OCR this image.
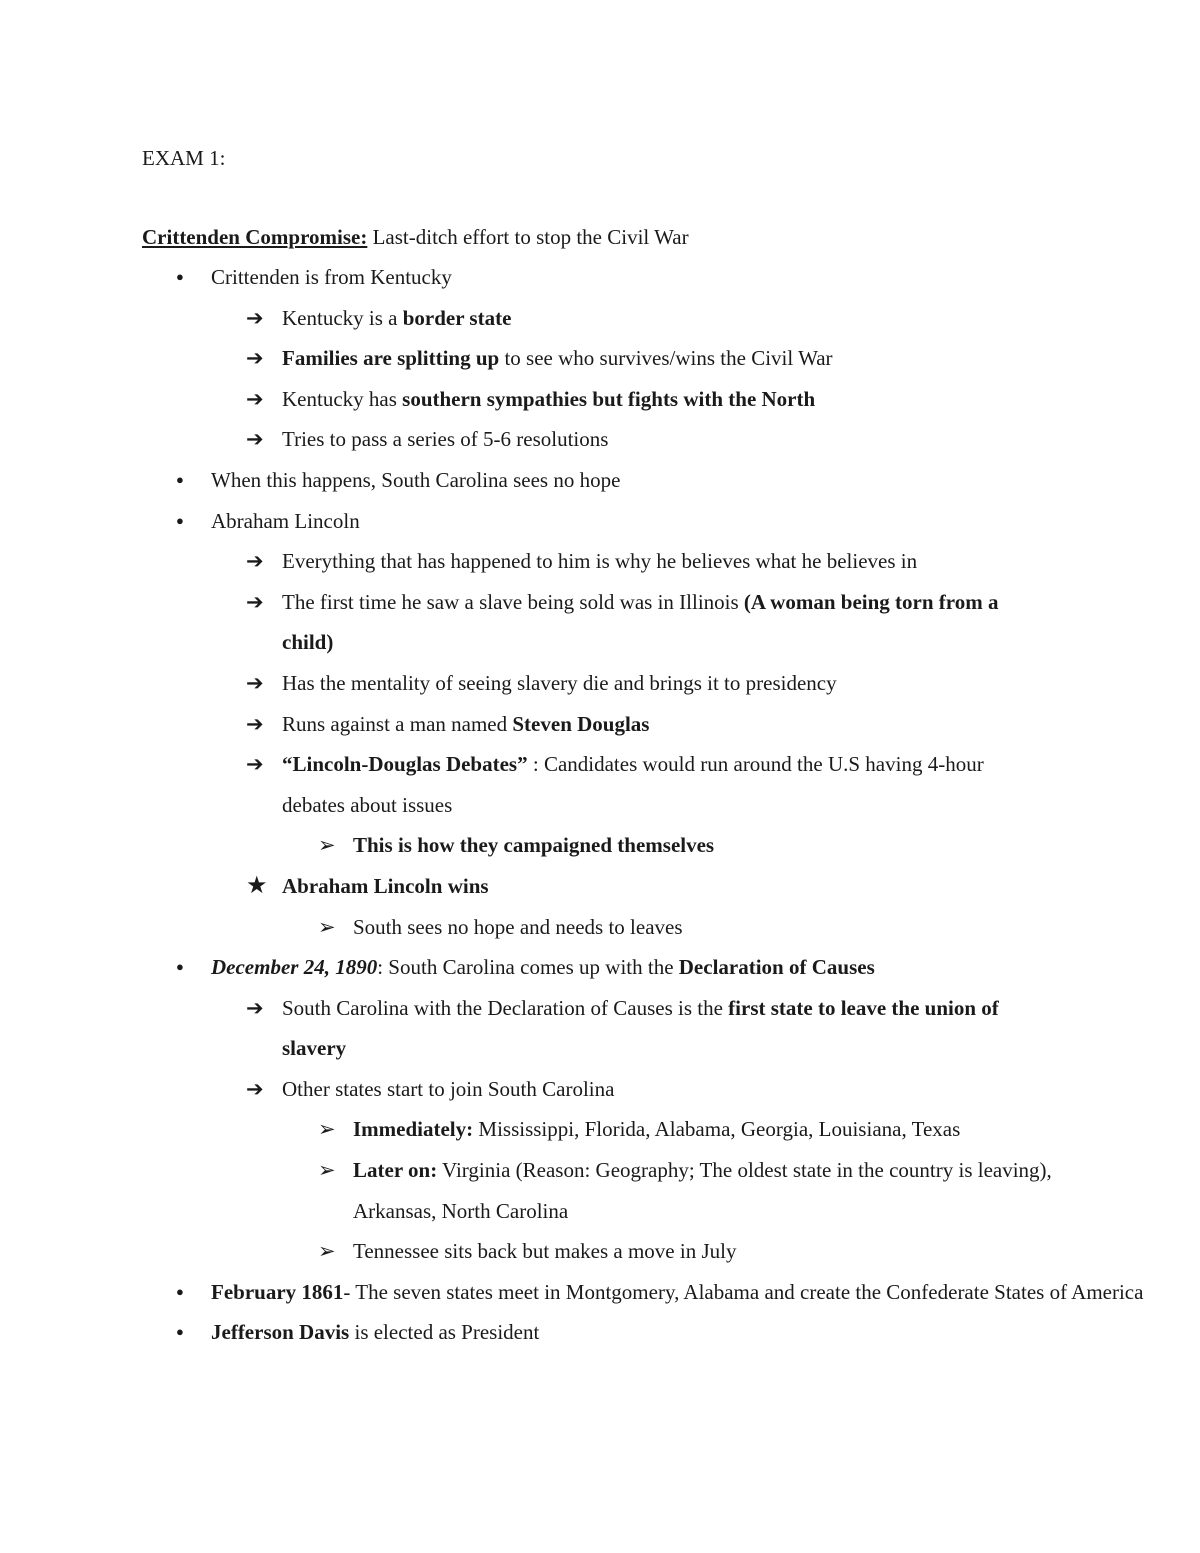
EXAM 1:
Crittenden Compromise: Last-ditch effort to stop the Civil War
● Crittenden is from Kentucky
➔ Kentucky is a border state
➔ Families are splitting up to see who survives/wins the Civil War
➔ Kentucky has southern sympathies but fights with the North
➔ Tries to pass a series of 5-6 resolutions
● When this happens, South Carolina sees no hope
● Abraham Lincoln
➔ Everything that has happened to him is why he believes what he believes in
➔ The first time he saw a slave being sold was in Illinois (A woman being torn from a child)
➔ Has the mentality of seeing slavery die and brings it to presidency
➔ Runs against a man named Steven Douglas
➔ “Lincoln-Douglas Debates” : Candidates would run around the U.S having 4-hour debates about issues
➢ This is how they campaigned themselves
★ Abraham Lincoln wins
➢ South sees no hope and needs to leaves
● December 24, 1890: South Carolina comes up with the Declaration of Causes
➔ South Carolina with the Declaration of Causes is the first state to leave the union of slavery
➔ Other states start to join South Carolina
➢ Immediately: Mississippi, Florida, Alabama, Georgia, Louisiana, Texas
➢ Later on: Virginia (Reason: Geography; The oldest state in the country is leaving), Arkansas, North Carolina
➢ Tennessee sits back but makes a move in July
● February 1861- The seven states meet in Montgomery, Alabama and create the Confederate States of America
● Jefferson Davis is elected as President
